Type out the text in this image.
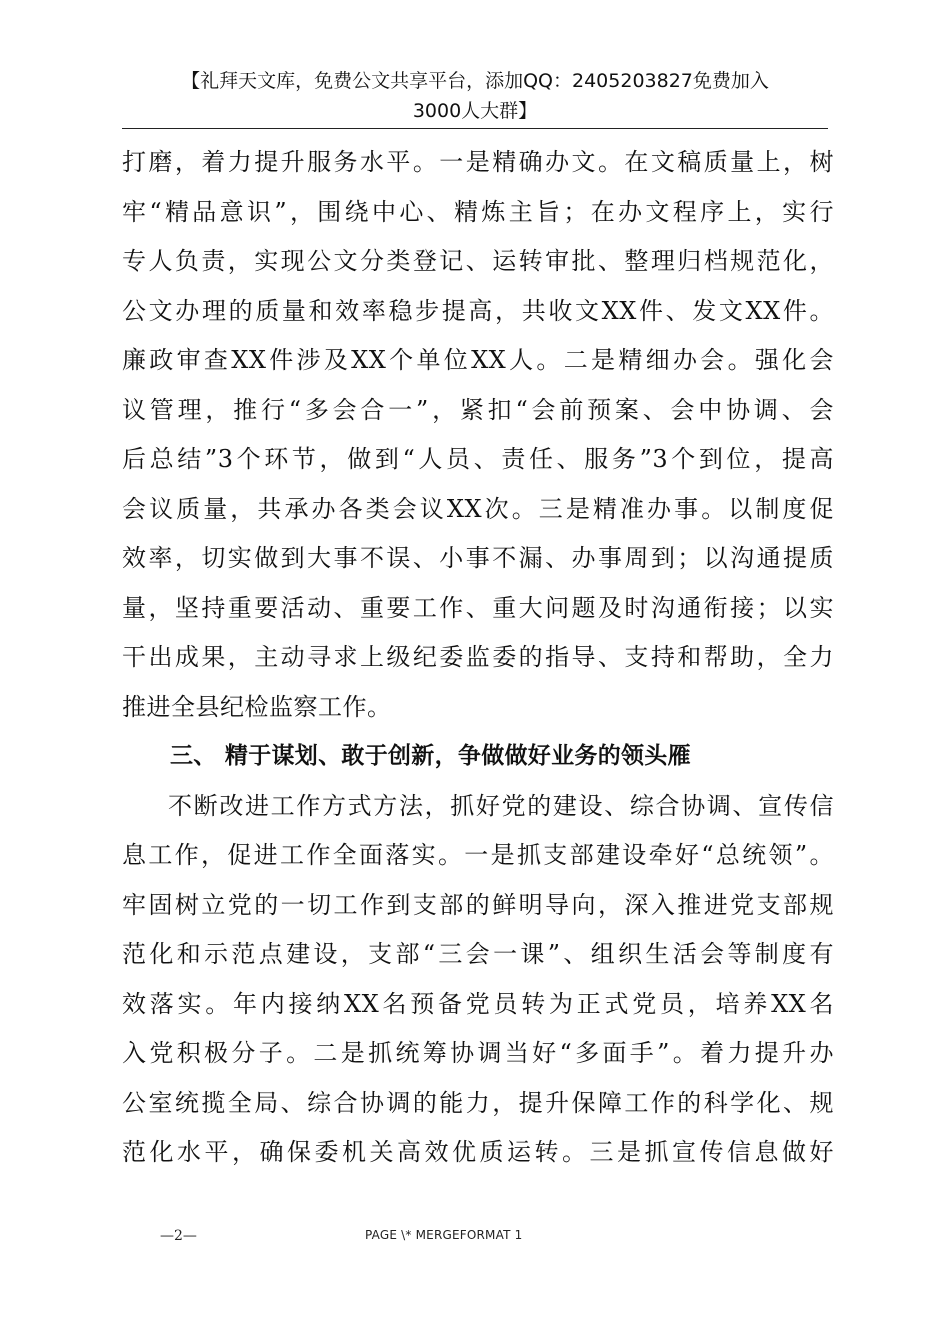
【礼拜天文库，免费公文共享平台，添加QQ：2405203827免费加入
3000人大群】
打磨，着力提升服务水平。一是精确办文。在文稿质量上，树
牢“精品意识”，围绕中心、精炼主旨；在办文程序上，实行
专人负责，实现公文分类登记、运转审批、整理归档规范化，
公文办理的质量和效率稳步提高，共收文XX件、发文XX件。
廉政审查XX件涉及XX个单位XX人。二是精细办会。强化会
议管理，推行“多会合一”，紧扣“会前预案、会中协调、会
后总结”3个环节，做到“人员、责任、服务”3个到位，提高
会议质量，共承办各类会议XX次。三是精准办事。以制度促
效率，切实做到大事不误、小事不漏、办事周到；以沟通提质
量，坚持重要活动、重要工作、重大问题及时沟通衔接；以实
干出成果，主动寻求上级纪委监委的指导、支持和帮助，全力
推进全县纪检监察工作。
三、 精于谋划、敢于创新，争做做好业务的领头雁
不断改进工作方式方法，抓好党的建设、综合协调、宣传信
息工作，促进工作全面落实。一是抓支部建设牵好“总统领”。
牢固树立党的一切工作到支部的鲜明导向，深入推进党支部规
范化和示范点建设，支部“三会一课”、组织生活会等制度有
效落实。年内接纳XX名预备党员转为正式党员，培养XX名
入党积极分子。二是抓统筹协调当好“多面手”。着力提升办
公室统揽全局、综合协调的能力，提升保障工作的科学化、规
范化水平，确保委机关高效优质运转。三是抓宣传信息做好
—2—	PAGE \* MERGEFORMAT 1
